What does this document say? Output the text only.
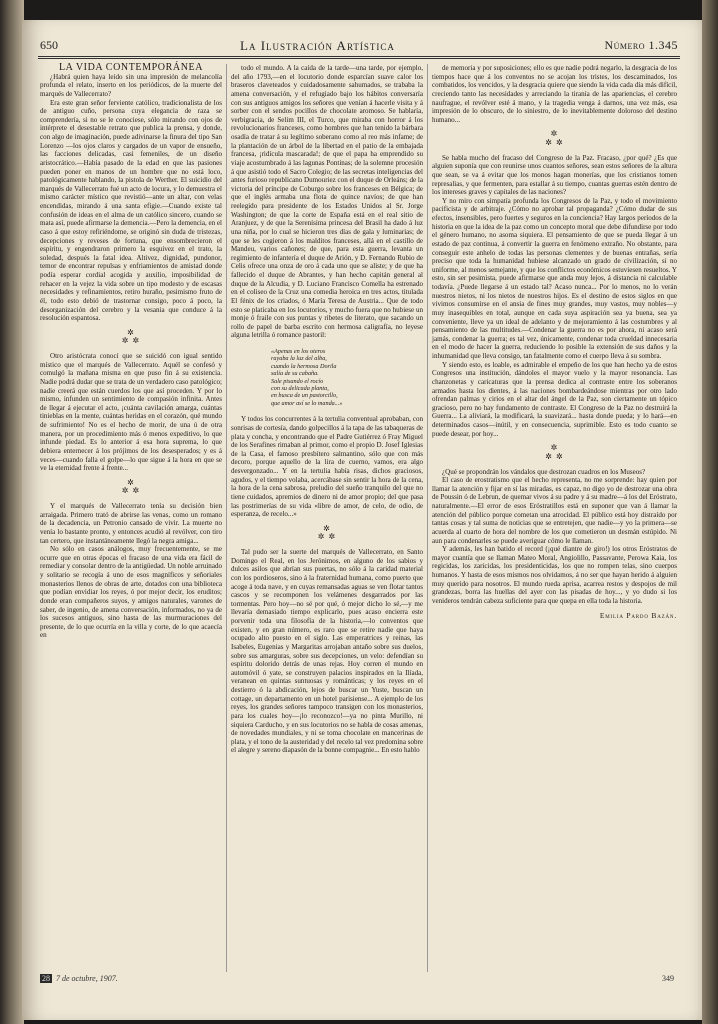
650	La Ilustración Artística	Número 1.345

LA VIDA CONTEMPORÁNEA

¿Habrá quien haya leído sin una impresión de melancolía profunda el relato, inserto en los periódicos, de la muerte del marqués de Vallecerrato?

Era este gran señor ferviente católico, tradicionalista de los de antiguo cuño, persona cuya elegancia de raza se comprendería, si no se le conociese, sólo mirando con ojos de intérprete el desestable retrato que publica la prensa, y donde, con algo de imaginación, puede adivinarse la finura del tipo San Lorenzo —los ojos claros y cargados de un vapor de ensueño, las facciones delicadas, casi femeniles, de un diseño aristocrático.—Había pasado de la edad en que las pasiones pueden poner en manos de un hombre que no está loco, patológicamente hablando, la pistola de Werther. El suicidio del marqués de Vallecerrato fué un acto de locura, y lo demuestra el mismo carácter místico que revistió—ante un altar, con velas encendidas, mirando á una santa efigie.—Cuando existe tal confusión de ideas en el alma de un católico sincero, cuando se mata así, puede afirmarse la demencia.—Pero la demencia, en el caso á que estoy refiriéndome, se originó sin duda de tristezas, decepciones y reveses de fortuna, que ensombrecieron el espíritu, y engendraron primero la esquivez en el trato, la soledad, después la fatal idea. Altivez, dignidad, pundonor, temor de encontrar repulsas y enfriamientos de amistad donde podía esperar cordial acogida y auxilio, imposibilidad de rehacer en la vejez la vida sobre un tipo modesto y de escasas necesidades y refinamientos, retiro huraño, pesimismo fruto de él, todo esto debió de trastornar consigo, poco á poco, la desorganización del cerebro y la vesania que conduce á la resolución espantosa.

✲
✲ ✲

Otro aristócrata conocí que se suicidó con igual sentido místico que el marqués de Vallecerrato. Aquél se confesó y comulgó la mañana misma en que puso fin á su existencia. Nadie podrá dudar que se trata de un verdadero caso patológico; nadie creerá que están cuerdos los que así proceden. Y por lo mismo, infunden un sentimiento de compasión infinita. Antes de llegar á ejecutar el acto, ¡cuánta cavilación amarga, cuántas tinieblas en la mente, cuántas heridas en el corazón, qué mundo de sufrimiento! No es el hecho de morir, de una ú de otra manera, por un procedimiento más ó menos expeditivo, lo que infunde piedad. Es lo anterior á esa hora suprema, lo que debiera enternecer á los prójimos de los desesperados; y es á veces—cuando falla el golpe—lo que sigue á la hora en que se ve la eternidad frente á frente...

✲
✲ ✲

Y el marqués de Vallecerrato tenía su decisión bien arraigada. Primero trató de abrirse las venas, como un romano de la decadencia, un Petronio cansado de vivir. La muerte no venía lo bastante pronto, y entonces acudió al revólver, con tiro tan certero, que instantáneamente llegó la negra amiga...

No sólo en casos análogos, muy frecuentemente, se me ocurre que en otras épocas el fracaso de una vida era fácil de remediar y consolar dentro de la antigüedad. Un noble arruinado y solitario se recogía á uno de esos magníficos y señoriales monasterios llenos de obras de arte, dotados con una biblioteca que podían envidiar los reyes, ó por mejor decir, los eruditos; donde eran compañeros suyos, y amigos naturales, varones de saber, de ingenio, de amena conversación, informados, no ya de los sucesos antiguos, sino hasta de las murmuraciones del presente, de lo que ocurría en la villa y corte, de lo que acaecía en

todo el mundo. A la caída de la tarde—una tarde, por ejemplo, del año 1793,—en el locutorio donde esparcían suave calor los braseros claveteados y cuidadosamente sahumados, se trababa la amena conversación, y el refugiado bajo los hábitos conversaría con sus antiguos amigos los señores que venían á hacerle visita y á sorber con el sendos pocillos de chocolate aromoso. Se hablaría, verbigracia, de Selim III, el Turco, que miraba con horror á los revolucionarios franceses, como hombres que han tenido la bárbara osadía de tratar á su legítimo soberano como al reo más infame; de la plantación de un árbol de la libertad en el patio de la embajada francesa, ¡ridícula mascarada!; de que el papa ha emprendido su viaje acostumbrado á las lagunas Pontinas; de la solemne procesión á que asistió todo el Sacro Colegio; de las secretas inteligencias del antes furioso republicano Dumouriez con el duque de Orleáns; de la victoria del príncipe de Coburgo sobre los franceses en Bélgica; de que el inglés armaba una flota de quince navíos; de que han reelegido para presidente de los Estados Unidos al Sr. Jorge Washington; de que la corte de España está en el real sitio de Aranjuez, y de que la Serenísima princesa del Brasil ha dado á luz una niña, por lo cual se hicieron tres días de gala y luminarias; de que se les cogieron á los malditos franceses, allá en el castillo de Mandeu, varios cañones; de que, para esta guerra, levanta un regimiento de infantería el duque de Arión, y D. Fernando Rubio de Celis ofrece una onza de oro á cada uno que se aliste; y de que ha fallecido el duque de Abrantes, y han hecho capitán general al duque de la Alcudia, y D. Luciano Francisco Comella ha estrenado en el coliseo de la Cruz una comedia heroica en tres actos, titulada El fénix de los criados, ó María Teresa de Austria... Que de todo esto se platicaba en los locutorios, y mucho fuera que no hubiese un monje ó fraile con sus puntas y ribetes de literato, que sacando un rollo de papel de barba escrito con hermosa caligrafía, no leyese alguna letrilla ó romance pastoril:

«Apenas en los oteros
rayaba la luz del alba,
cuando la hermosa Dorila
salía de su cabaña.
Sale pisando el rocío
con su delicada planta,
en busca de un pastorcillo,
que amor así se lo manda...»

Y todos los concurrentes á la tertulia conventual aprobaban, con sonrisas de cortesía, dando golpecillos á la tapa de las tabaqueras de plata y concha, y encontrando que el Padre Gutiérrez ó Fray Miguel de los Serafines rimaban al primor, como el propio D. Josef Iglesias de la Casa, el famoso presbítero salmantino, sólo que con más decoro, porque aquello de la lira de cuerno, vamos, era algo desvergonzado... Y en la tertulia había risas, dichos graciosos, agudos, y el tiempo volaba, acercábase sin sentir la hora de la cena, la hora de la cena sabrosa, preludio del sueño tranquilo del que no tiene cuidados, apremios de dinero ni de amor propio; del que pasa las postrimerías de su vida «libre de amor, de celo, de odio, de esperanza, de recelo...»

✲
✲ ✲

Tal pudo ser la suerte del marqués de Vallecerrato, en Santo Domingo el Real, en los Jerónimos, en alguno de los sabios y dulces asilos que abrían sus puertas, no sólo á la caridad material con los pordioseros, sino á la fraternidad humana, como puerto que acoge á toda nave, y en cuyas remansadas aguas se ven flotar tantos cascos y se recomponen los velámenes desgarrados por las tormentas. Pero hoy—no sé por qué, ó mejor dicho lo sé,—y me llevaría demasiado tiempo explicarlo, pues acaso encierra este porvenir toda una filosofía de la historia,—lo conventos que existen, y en gran número, es raro que se retire nadie que haya ocupado alto puesto en el siglo. Las emperatrices y reinas, las Isabeles, Eugenias y Margaritas arrojaban antaño sobre sus duelos, sobre sus amarguras, sobre sus decepciones, un velo: defendían su espíritu dolorido detrás de unas rejas. Hoy corren el mundo en automóvil ó yate, se construyen palacios inspirados en la Ilíada, veranean en quintas suntuosas y románticas; y los reyes en el destierro ó la abdicación, lejos de buscar un Yuste, buscan un cottage, un departamento en un hotel parisiense... A ejemplo de los reyes, los grandes señores tampoco transigen con los monasterios, para los cuales hoy—¡lo reconozco!—ya no pinta Murillo, ni siquiera Carducho, y en sus locutorios no se habla de cosas amenas, de novedades mundiales, y ni se toma chocolate en mancerinas de plata, y el tono de la austeridad y del recelo tal vez predomina sobre el alegre y sereno diapasón de la bonne compagnie... En esto hablo

de memoria y por suposiciones; ello es que nadie podrá negarlo, la desgracia de los tiempos hace que á los conventos no se acojan los tristes, los descaminados, los combatidos, los vencidos, y la desgracia quiere que siendo la vida cada día más difícil, creciendo tanto las necesidades y arreciando la tiranía de las apariencias, el cerebro naufrague, el revólver esté á mano, y la tragedia venga á darnos, una vez más, esa impresión de lo obscuro, de lo siniestro, de lo inevitablemente doloroso del destino humano...

✲
✲ ✲

Se habla mucho del fracaso del Congreso de la Paz. Fracaso, ¿por qué? ¿Es que alguien suponía que con reunirse unos cuantos señores, sean estos señores de la altura que sean, se va á evitar que los monos hagan monerías, que los cristianos tomen represalias, y que fermenten, para estallar á su tiempo, cuantas guerras estén dentro de los intereses graves y capitales de las naciones?

Y no miro con simpatía profunda los Congresos de la Paz, y todo el movimiento pacificista y de arbitraje. ¿Cómo no aprobar tal propaganda? ¿Cómo dudar de sus efectos, insensibles, pero fuertes y seguros en la conciencia? Hay largos períodos de la historia en que la idea de la paz como un concepto moral que debe difundirse por todo el género humano, no asoma siquiera. El pensamiento de que se pueda llegar á un estado de paz continua, á convertir la guerra en fenómeno extraño. No obstante, para conseguir este anhelo de todas las personas clementes y de buenas entrañas, sería preciso que toda la humanidad hubiese alcanzado un grado de civilización, si no uniforme, al menos semejante, y que los conflictos económicos estuviesen resueltos. Y esto, sin ser pesimista, puede afirmarse que anda muy lejos, á distancia ni calculable todavía. ¿Puede llegarse á un estado tal? Acaso nunca... Por lo menos, no lo verán nuestros nietos, ni los nietos de nuestros hijos. Es el destino de estos siglos en que vivimos consumirse en el ansia de fines muy grandes, muy vastos, muy nobles—y muy inasequibles en total, aunque en cada suya aspiración sea ya buena, sea ya conveniente, lleve ya un ideal de adelanto y de mejoramiento á las costumbres y al pensamiento de las multitudes.—Condenar la guerra no es por ahora, ni acaso será jamás, condenar la guerra; es tal vez, únicamente, condenar toda crueldad innecesaria en el modo de hacer la guerra, reduciendo lo posible la extensión de sus daños y la inhumanidad que lleva consigo, tan fatalmente como el cuerpo lleva á su sombra.

Y siendo esto, es loable, es admirable el empeño de los que han hecho ya de estos Congresos una institución, dándoles el mayor vuelo y la mayor resonancia. Las chanzonetas y caricaturas que la prensa dedica al contraste entre los soberanos armados hasta los dientes, á las naciones bombardeándose mientras por otro lado ofrendan palmas y cirios en el altar del ángel de la Paz, son ciertamente un tópico gracioso, pero no hay fundamento de contraste. El Congreso de la Paz no destruirá la Guerra... La aliviará, la modificará, la suavizará... hasta donde pueda; y lo hará—en determinados casos—inútil, y en consecuencia, suprimible. Esto es todo cuanto se puede desear, por hoy...

✲
✲ ✲

¿Qué se propondrán los vándalos que destrozan cuadros en los Museos?

El caso de erostratismo que el hecho representa, no me sorprende: hay quien por llamar la atención y fijar en sí las miradas, es capaz, no digo yo de destrozar una obra de Poussin ó de Lebrun, de quemar vivos á su padre y á su madre—á los del Eróstrato, naturalmente.—El error de esos Eróstratillos está en suponer que van á llamar la atención del público porque cometan una atrocidad. El público está hoy distraído por tantas cosas y tal suma de noticias que se entretejen, que nadie—y yo la primera—se acuerda al cuarto de hora del nombre de los que cometieron un desmán estúpido. Ni aun para condenarles se puede averiguar cómo le llaman.

Y además, les han batido el record (¡qué diantre de giro!) los otros Eróstratos de mayor cuantía que se llaman Mateo Moral, Angiolillo, Passavante, Perowa Kaia, los regicidas, los zaricidas, los presidenticidas, los que no rompen telas, sino cuerpos humanos. Y hasta de esos mismos nos olvidamos, á no ser que hayan herido á alguien muy querido para nosotros. El mundo rueda aprisa, acarrea restos y despojos de mil grandezas, borra las huellas del ayer con las pisadas de hoy..., y yo dudo si los venideros tendrán cabeza suficiente para que quepa en ella toda la historia.

Emilia Pardo Bazán.
28 7 de octubre, 1907.	349
